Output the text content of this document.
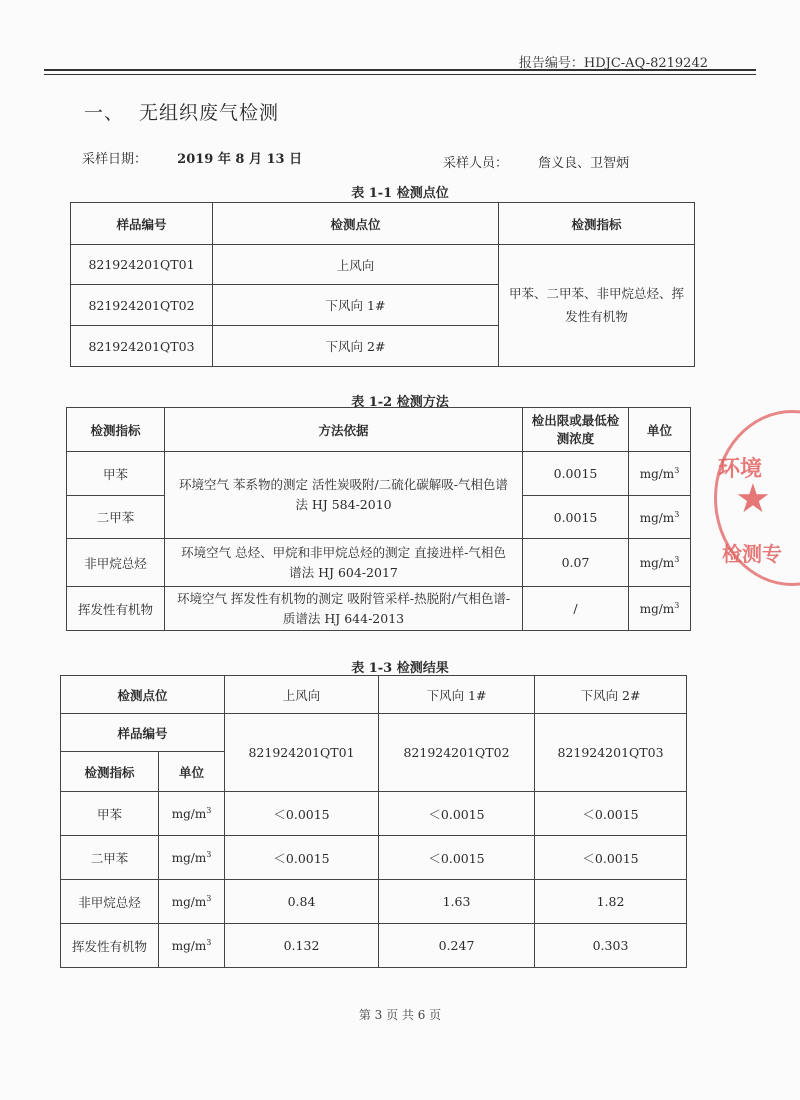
报告编号：HDJC-AQ-8219242
一、 无组织废气检测
采样日期： 2019 年 8 月 13 日	采样人员： 詹义良、卫智炳
表 1-1 检测点位
样品编号	检测点位	检测指标
821924201QT01	上风向	甲苯、二甲苯、非甲烷总烃、挥发性有机物
821924201QT02	下风向 1#	
821924201QT03	下风向 2#	
表 1-2 检测方法
检测指标	方法依据	检出限或最低检测浓度	单位
甲苯	环境空气 苯系物的测定 活性炭吸附/二硫化碳解吸-气相色谱法 HJ 584-2010	0.0015	$mg/m^3$
二甲苯		0.0015	$mg/m^3$
非甲烷总烃	环境空气 总烃、甲烷和非甲烷总烃的测定 直接进样-气相色谱法 HJ 604-2017	0.07	$mg/m^3$
挥发性有机物	环境空气 挥发性有机物的测定 吸附管采样-热脱附/气相色谱-质谱法 HJ 644-2013	/	$mg/m^3$
表 1-3 检测结果
检测点位		上风向	下风向 1#	下风向 2#
样品编号		821924201QT01	821924201QT02	821924201QT03
检测指标	单位			
甲苯	$mg/m^3$	＜0.0015	＜0.0015	＜0.0015
二甲苯	$mg/m^3$	＜0.0015	＜0.0015	＜0.0015
非甲烷总烃	$mg/m^3$	0.84	1.63	1.82
挥发性有机物	$mg/m^3$	0.132	0.247	0.303
环境
★
检测专
第 3 页 共 6 页
